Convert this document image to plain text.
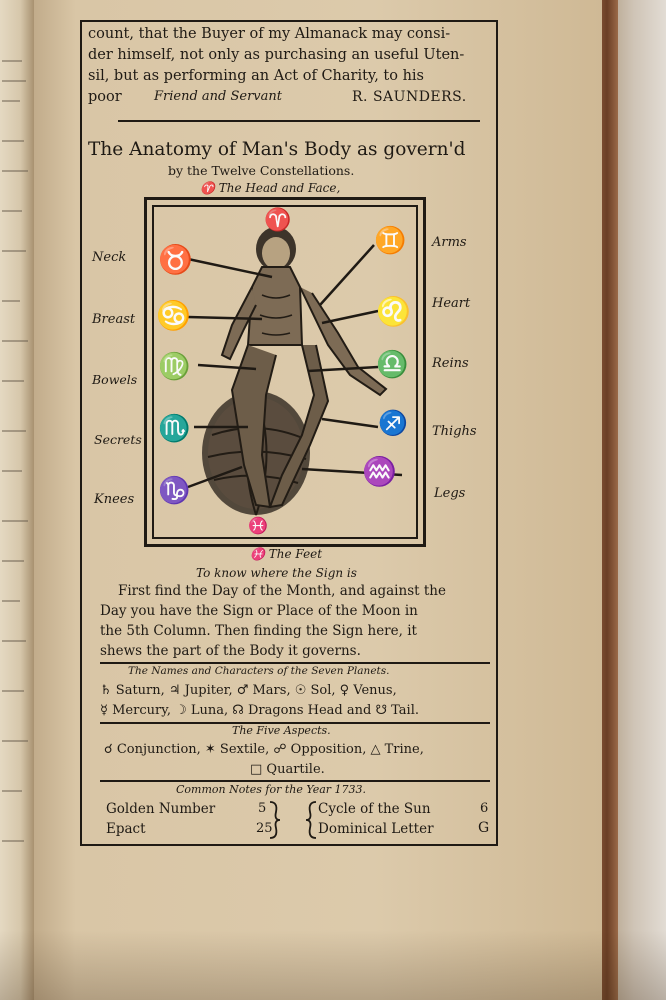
count, that the Buyer of my Almanack may consi-

der himself, not only as purchasing an useful Uten-

sil, but as performing an Act of Charity, to his

poor Friend and Servant	R. SAUNDERS.

The Anatomy of Man's Body as govern'd

by the Twelve Constellations.

♈ The Head and Face,

♈
♉
♊
♋	♌
♍	♎
♏	♐
♑
♒
♓

Neck

Breast

Bowels

Secrets

Knees

Arms

Heart

Reins

Thighs

Legs

♓ The Feet

To know where the Sign is

First find the Day of the Month, and against the

Day you have the Sign or Place of the Moon in

the 5th Column. Then finding the Sign here, it

shews the part of the Body it governs.

The Names and Characters of the Seven Planets.

♄ Saturn, ♃ Jupiter, ♂ Mars, ☉ Sol, ♀ Venus,

☿ Mercury, ☽ Luna, ☊ Dragons Head and ☋ Tail.

The Five Aspects.

☌ Conjunction, ✶ Sextile, ☍ Opposition, △ Trine,

□ Quartile.

Common Notes for the Year 1733.

Golden Number	5

Epact	25

Cycle of the Sun	6

Dominical Letter	G
